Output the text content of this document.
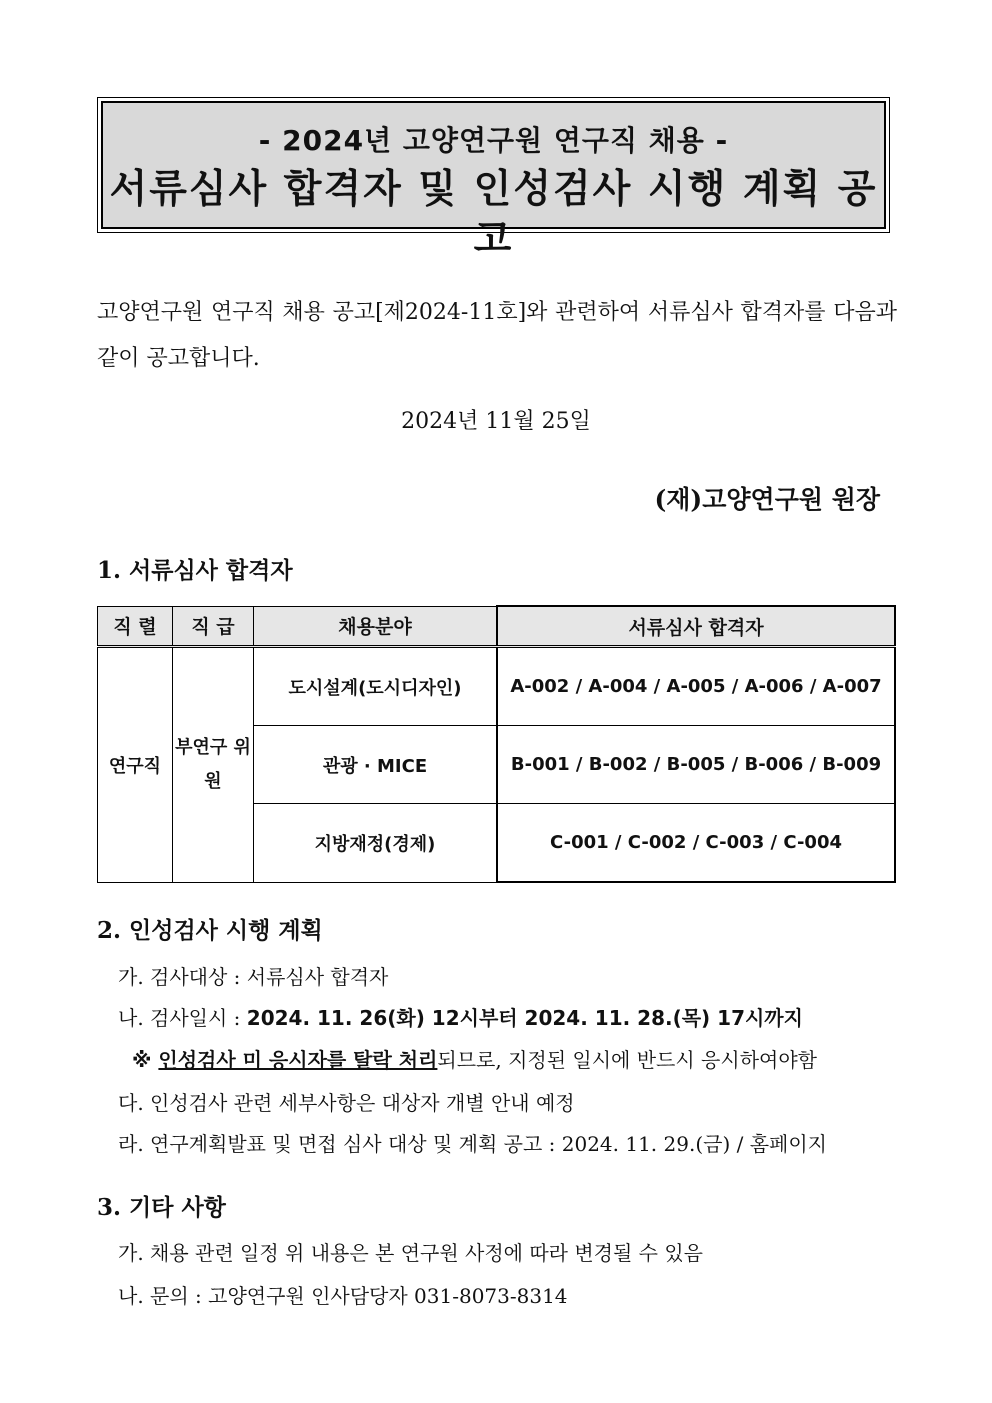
- 2024년 고양연구원 연구직 채용 -
서류심사 합격자 및 인성검사 시행 계획 공고
고양연구원 연구직 채용 공고[제2024-11호]와 관련하여 서류심사 합격자를 다음과 같이 공고합니다.
2024년 11월 25일
(재)고양연구원 원장
1. 서류심사 합격자
직 렬	직 급	채용분야	서류심사 합격자
연구직	부연구 위 원	도시설계(도시디자인)	A-002 / A-004 / A-005 / A-006 / A-007
		관광 · MICE	B-001 / B-002 / B-005 / B-006 / B-009
		지방재정(경제)	C-001 / C-002 / C-003 / C-004
2. 인성검사 시행 계획
가. 검사대상 : 서류심사 합격자
나. 검사일시 : 2024. 11. 26(화) 12시부터 2024. 11. 28.(목) 17시까지
※ 인성검사 미 응시자를 탈락 처리되므로, 지정된 일시에 반드시 응시하여야함
다. 인성검사 관련 세부사항은 대상자 개별 안내 예정
라. 연구계획발표 및 면접 심사 대상 및 계획 공고 : 2024. 11. 29.(금) / 홈페이지
3. 기타 사항
가. 채용 관련 일정 위 내용은 본 연구원 사정에 따라 변경될 수 있음
나. 문의 : 고양연구원 인사담당자 031-8073-8314
